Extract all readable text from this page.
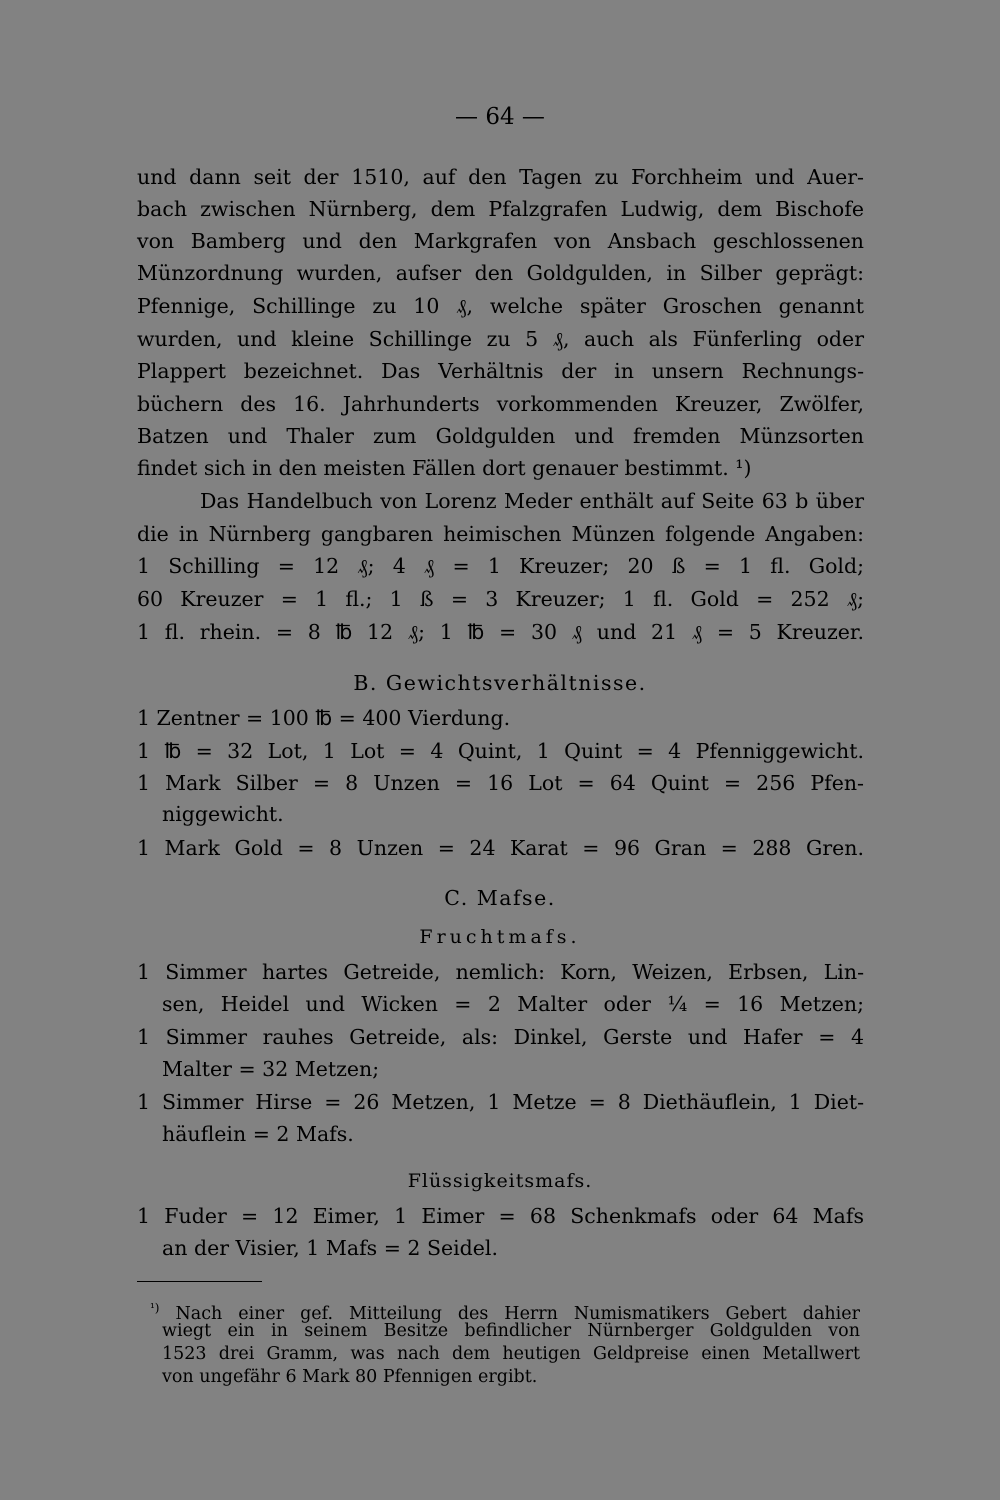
— 64 —
und dann seit der 1510, auf den Tagen zu Forchheim und Auer-
bach zwischen Nürnberg, dem Pfalzgrafen Ludwig, dem Bischofe
von Bamberg und den Markgrafen von Ansbach geschlossenen
Münzordnung wurden, aufser den Goldgulden, in Silber geprägt:
Pfennige, Schillinge zu 10 ₰, welche später Groschen genannt
wurden, und kleine Schillinge zu 5 ₰, auch als Fünferling oder
Plappert bezeichnet. Das Verhältnis der in unsern Rechnungs-
büchern des 16. Jahrhunderts vorkommenden Kreuzer, Zwölfer,
Batzen und Thaler zum Goldgulden und fremden Münzsorten
findet sich in den meisten Fällen dort genauer bestimmt. ¹)
Das Handelbuch von Lorenz Meder enthält auf Seite 63 b über
die in Nürnberg gangbaren heimischen Münzen folgende Angaben:
1 Schilling = 12 ₰; 4 ₰ = 1 Kreuzer; 20 ß = 1 fl. Gold;
60 Kreuzer = 1 fl.; 1 ß = 3 Kreuzer; 1 fl. Gold = 252 ₰;
1 fl. rhein. = 8 ℔ 12 ₰; 1 ℔ = 30 ₰ und 21 ₰ = 5 Kreuzer.
B. Gewichtsverhältnisse.
1 Zentner = 100 ℔ = 400 Vierdung.
1 ℔ = 32 Lot, 1 Lot = 4 Quint, 1 Quint = 4 Pfenniggewicht.
1 Mark Silber = 8 Unzen = 16 Lot = 64 Quint = 256 Pfen-
niggewicht.
1 Mark Gold = 8 Unzen = 24 Karat = 96 Gran = 288 Gren.
C. Mafse.
Fruchtmafs.
1 Simmer hartes Getreide, nemlich: Korn, Weizen, Erbsen, Lin-
sen, Heidel und Wicken = 2 Malter oder ¼ = 16 Metzen;
1 Simmer rauhes Getreide, als: Dinkel, Gerste und Hafer = 4
Malter = 32 Metzen;
1 Simmer Hirse = 26 Metzen, 1 Metze = 8 Diethäuflein, 1 Diet-
häuflein = 2 Mafs.
Flüssigkeitsmafs.
1 Fuder = 12 Eimer, 1 Eimer = 68 Schenkmafs oder 64 Mafs
an der Visier, 1 Mafs = 2 Seidel.
$^{^1)}$ Nach einer gef. Mitteilung des Herrn Numismatikers Gebert dahier
wiegt ein in seinem Besitze befindlicher Nürnberger Goldgulden von
1523 drei Gramm, was nach dem heutigen Geldpreise einen Metallwert
von ungefähr 6 Mark 80 Pfennigen ergibt.
